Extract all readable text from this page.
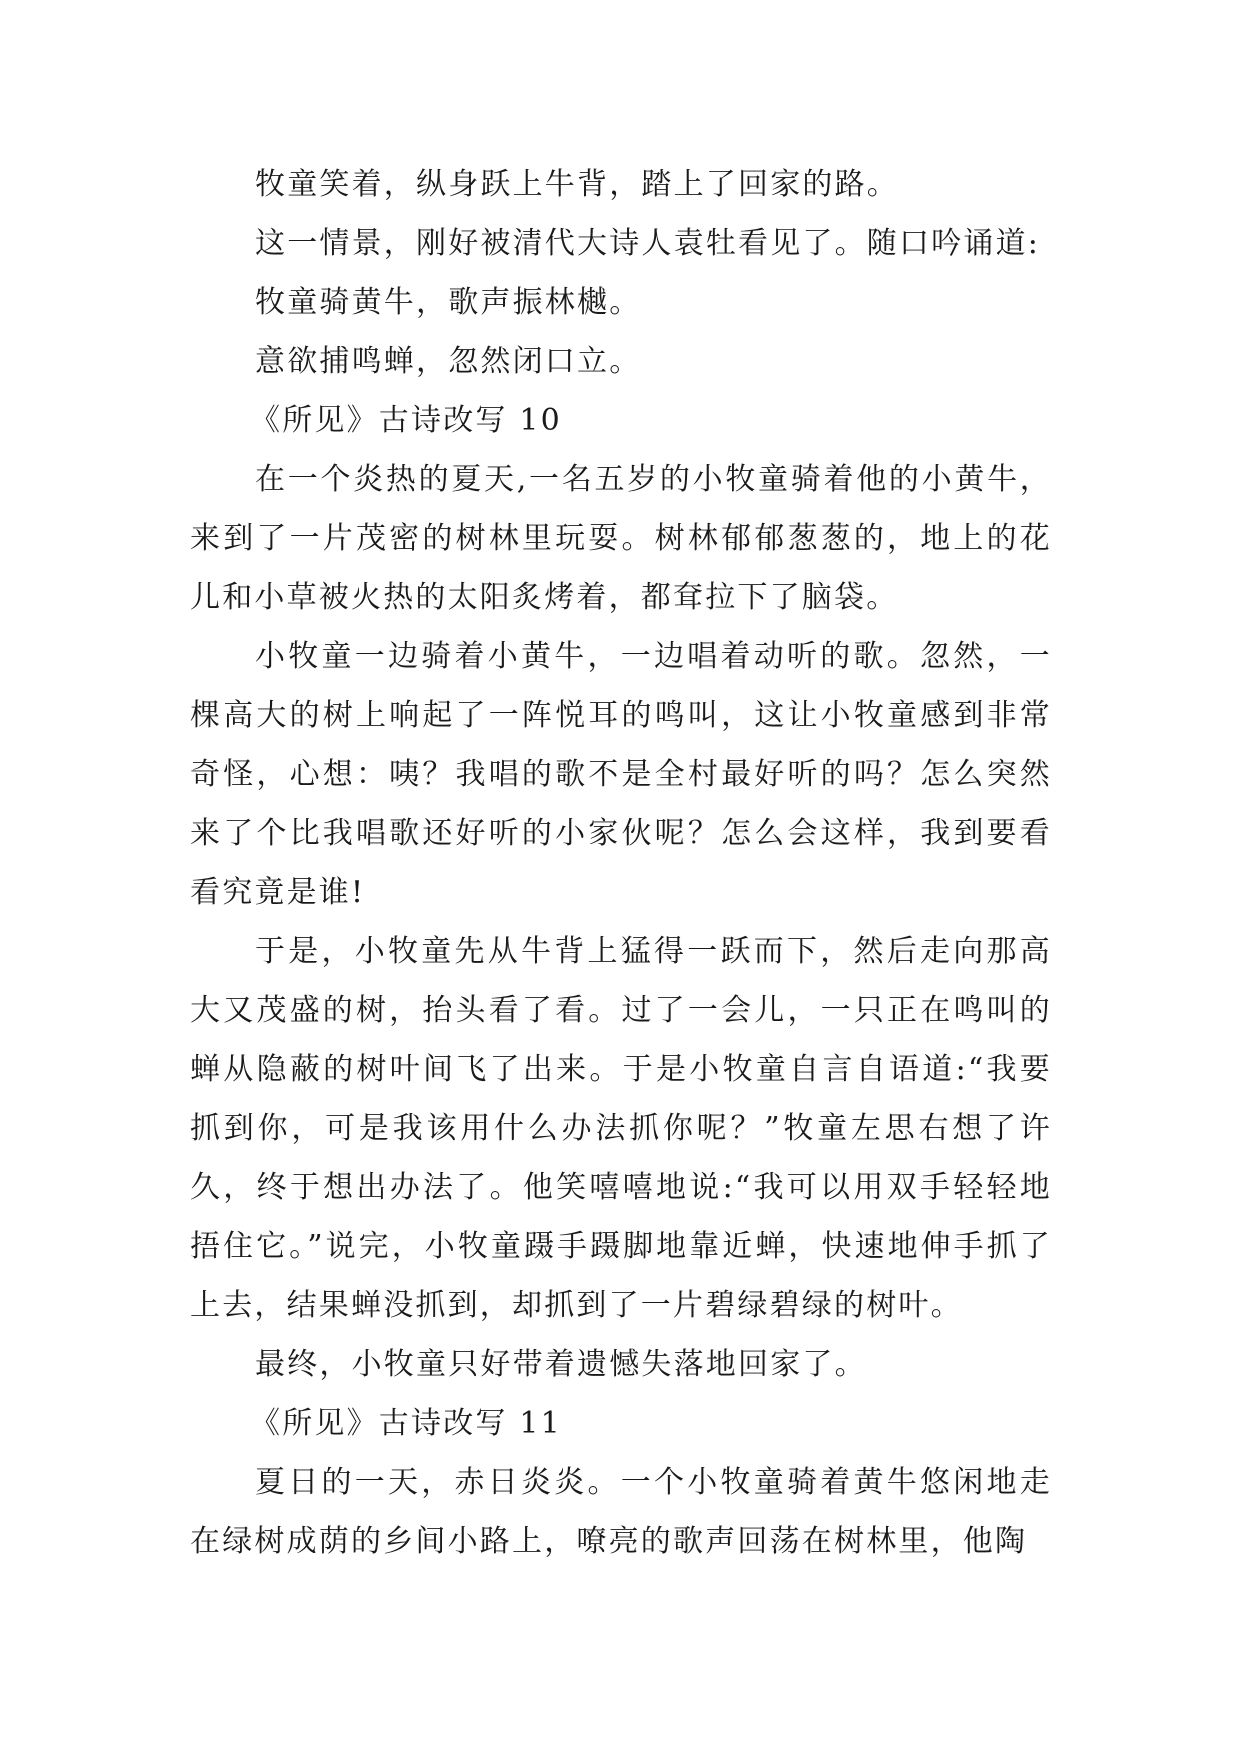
牧童笑着，纵身跃上牛背，踏上了回家的路。

这一情景，刚好被清代大诗人袁牡看见了。随口吟诵道:

牧童骑黄牛，歌声振林樾。

意欲捕鸣蝉，忽然闭口立。

《所见》古诗改写 10

在一个炎热的夏天,一名五岁的小牧童骑着他的小黄牛，来到了一片茂密的树林里玩耍。树林郁郁葱葱的，地上的花儿和小草被火热的太阳炙烤着，都耷拉下了脑袋。

小牧童一边骑着小黄牛，一边唱着动听的歌。忽然，一棵高大的树上响起了一阵悦耳的鸣叫，这让小牧童感到非常奇怪，心想：咦？我唱的歌不是全村最好听的吗？怎么突然来了个比我唱歌还好听的小家伙呢？怎么会这样，我到要看看究竟是谁!

于是，小牧童先从牛背上猛得一跃而下，然后走向那高大又茂盛的树，抬头看了看。过了一会儿，一只正在鸣叫的蝉从隐蔽的树叶间飞了出来。于是小牧童自言自语道:“我要抓到你，可是我该用什么办法抓你呢？”牧童左思右想了许久，终于想出办法了。他笑嘻嘻地说:“我可以用双手轻轻地捂住它。”说完，小牧童蹑手蹑脚地靠近蝉，快速地伸手抓了上去，结果蝉没抓到，却抓到了一片碧绿碧绿的树叶。

最终，小牧童只好带着遗憾失落地回家了。

《所见》古诗改写 11

夏日的一天，赤日炎炎。一个小牧童骑着黄牛悠闲地走在绿树成荫的乡间小路上，嘹亮的歌声回荡在树林里，他陶
